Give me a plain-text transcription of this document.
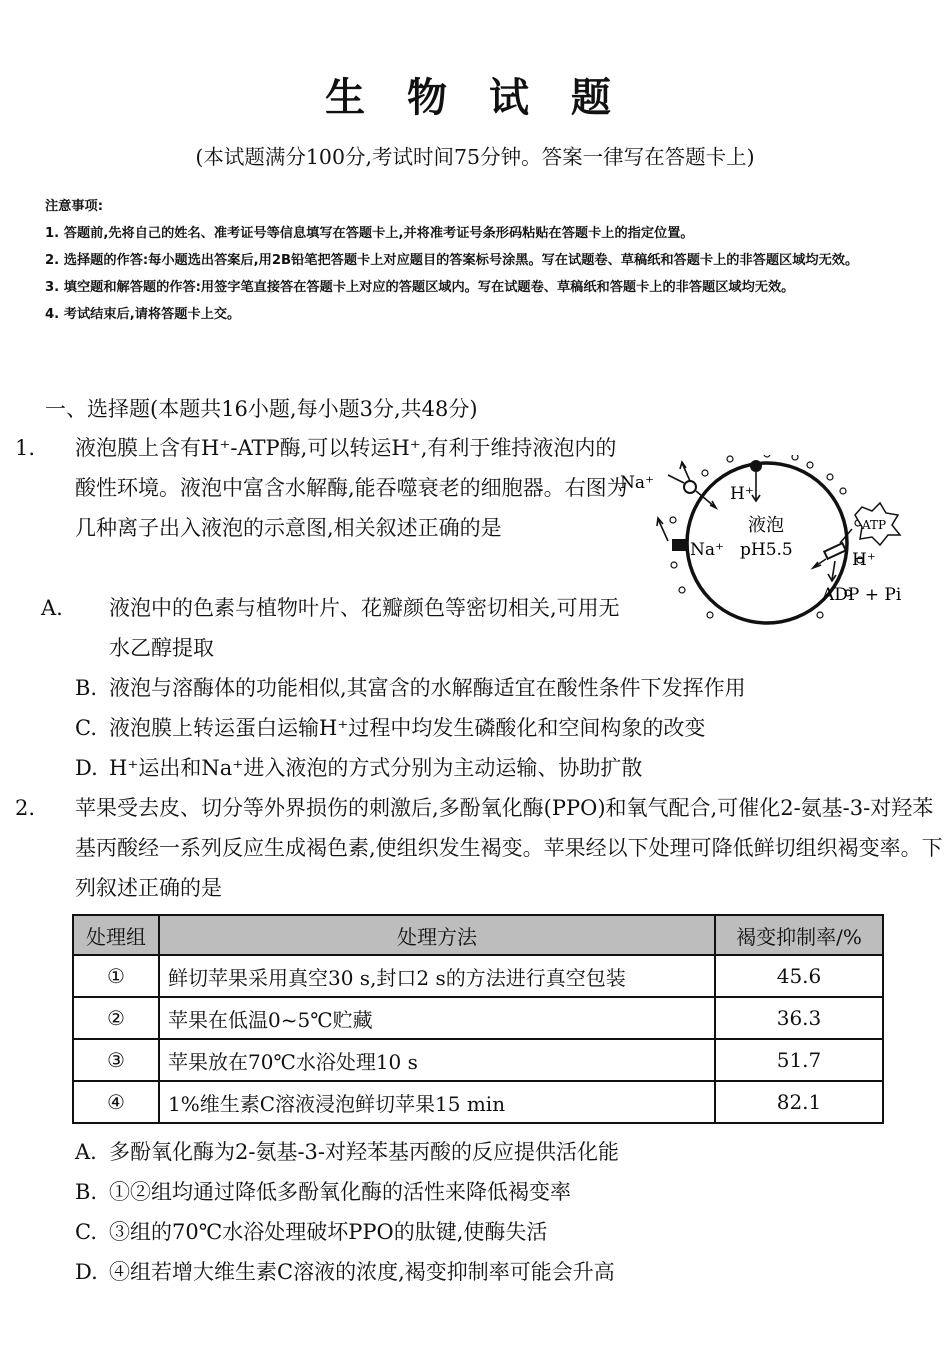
生 物 试 题
(本试题满分100分,考试时间75分钟。答案一律写在答题卡上)
注意事项:
1. 答题前,先将自己的姓名、准考证号等信息填写在答题卡上,并将准考证号条形码粘贴在答题卡上的指定位置。
2. 选择题的作答:每小题选出答案后,用2B铅笔把答题卡上对应题目的答案标号涂黑。写在试题卷、草稿纸和答题卡上的非答题区域均无效。
3. 填空题和解答题的作答:用签字笔直接答在答题卡上对应的答题区域内。写在试题卷、草稿纸和答题卡上的非答题区域均无效。
4. 考试结束后,请将答题卡上交。
一、选择题(本题共16小题,每小题3分,共48分)
1. 液泡膜上含有H⁺-ATP酶,可以转运H⁺,有利于维持液泡内的酸性环境。液泡中富含水解酶,能吞噬衰老的细胞器。右图为几种离子出入液泡的示意图,相关叙述正确的是
Na⁺
H⁺
Na⁺
液泡
pH5.5
ATP
H⁺
ADP + Pi
A. 液泡中的色素与植物叶片、花瓣颜色等密切相关,可用无水乙醇提取
B. 液泡与溶酶体的功能相似,其富含的水解酶适宜在酸性条件下发挥作用
C. 液泡膜上转运蛋白运输H⁺过程中均发生磷酸化和空间构象的改变
D. H⁺运出和Na⁺进入液泡的方式分别为主动运输、协助扩散
2. 苹果受去皮、切分等外界损伤的刺激后,多酚氧化酶(PPO)和氧气配合,可催化2-氨基-3-对羟苯基丙酸经一系列反应生成褐色素,使组织发生褐变。苹果经以下处理可降低鲜切组织褐变率。下列叙述正确的是
处理组	处理方法	褐变抑制率/%
①	鲜切苹果采用真空30 s,封口2 s的方法进行真空包装	45.6
②	苹果在低温0~5℃贮藏	36.3
③	苹果放在70℃水浴处理10 s	51.7
④	1%维生素C溶液浸泡鲜切苹果15 min	82.1
A. 多酚氧化酶为2-氨基-3-对羟苯基丙酸的反应提供活化能
B. ①②组均通过降低多酚氧化酶的活性来降低褐变率
C. ③组的70℃水浴处理破坏PPO的肽键,使酶失活
D. ④组若增大维生素C溶液的浓度,褐变抑制率可能会升高
